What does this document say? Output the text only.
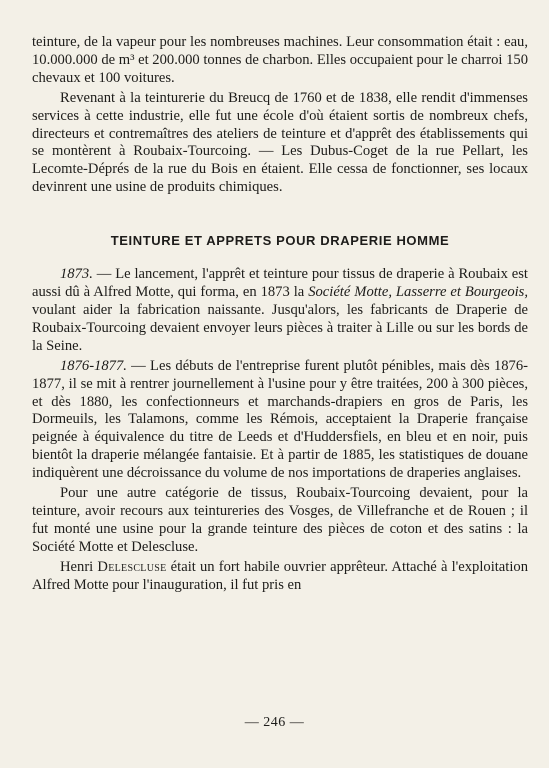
teinture, de la vapeur pour les nombreuses machines. Leur consommation était : eau, 10.000.000 de m³ et 200.000 tonnes de charbon. Elles occupaient pour le charroi 150 chevaux et 100 voitures.

Revenant à la teinturerie du Breucq de 1760 et de 1838, elle rendit d'immenses services à cette industrie, elle fut une école d'où étaient sortis de nombreux chefs, directeurs et contremaîtres des ateliers de teinture et d'apprêt des établissements qui se montèrent à Roubaix-Tourcoing. — Les Dubus-Coget de la rue Pellart, les Lecomte-Déprés de la rue du Bois en étaient. Elle cessa de fonctionner, ses locaux devinrent une usine de produits chimiques.

TEINTURE ET APPRETS POUR DRAPERIE HOMME

1873. — Le lancement, l'apprêt et teinture pour tissus de draperie à Roubaix est aussi dû à Alfred Motte, qui forma, en 1873 la Société Motte, Lasserre et Bourgeois, voulant aider la fabrication naissante. Jusqu'alors, les fabricants de Draperie de Roubaix-Tourcoing devaient envoyer leurs pièces à traiter à Lille ou sur les bords de la Seine.

1876-1877. — Les débuts de l'entreprise furent plutôt pénibles, mais dès 1876-1877, il se mit à rentrer journellement à l'usine pour y être traitées, 200 à 300 pièces, et dès 1880, les confectionneurs et marchands-drapiers en gros de Paris, les Dormeuils, les Talamons, comme les Rémois, acceptaient la Draperie française peignée à équivalence du titre de Leeds et d'Huddersfiels, en bleu et en noir, puis bientôt la draperie mélangée fantaisie. Et à partir de 1885, les statistiques de douane indiquèrent une décroissance du volume de nos importations de draperies anglaises.

Pour une autre catégorie de tissus, Roubaix-Tourcoing devaient, pour la teinture, avoir recours aux teintureries des Vosges, de Villefranche et de Rouen ; il fut monté une usine pour la grande teinture des pièces de coton et des satins : la Société Motte et Delescluse.

Henri Delescluse était un fort habile ouvrier apprêteur. Attaché à l'exploitation Alfred Motte pour l'inauguration, il fut pris en

— 246 —
